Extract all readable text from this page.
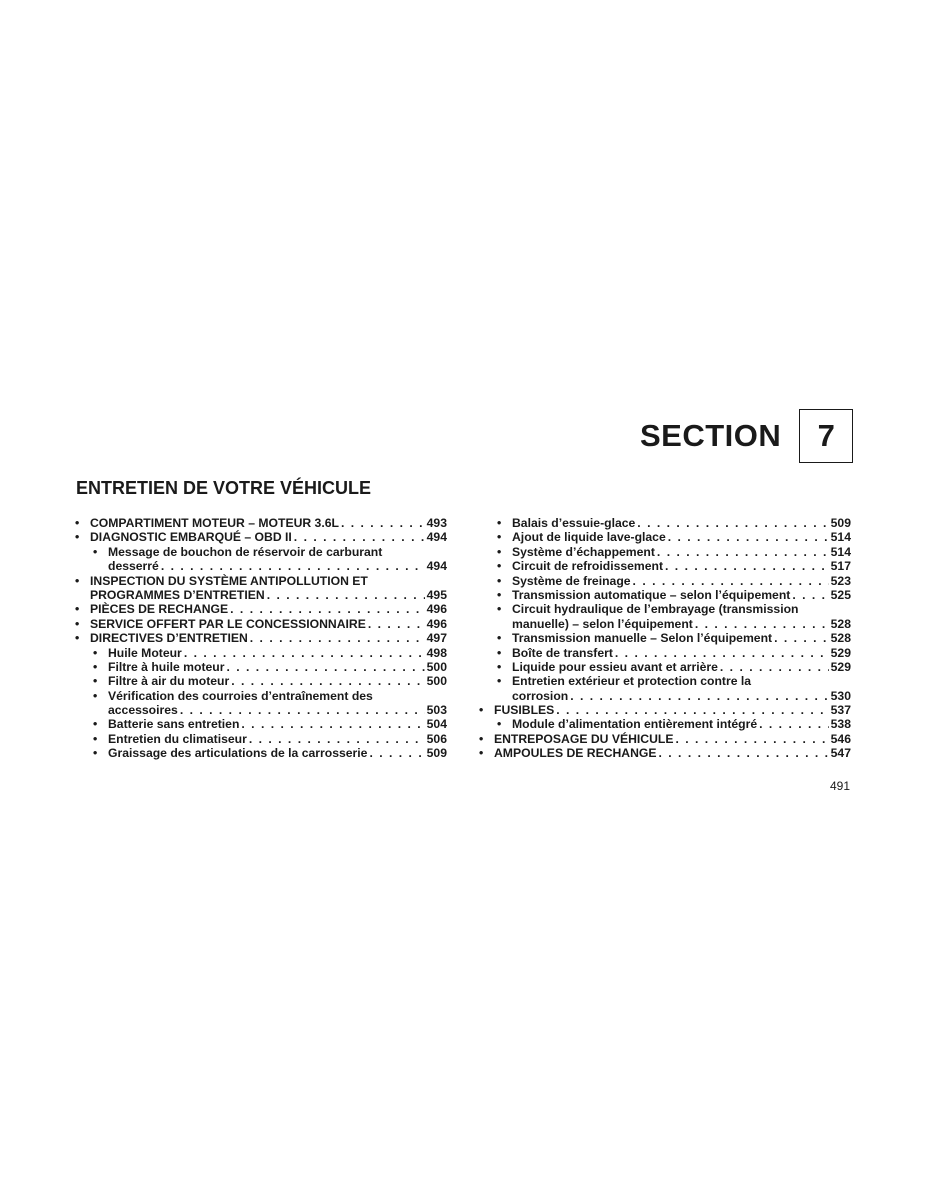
SECTION	7
ENTRETIEN DE VOTRE VÉHICULE
• COMPARTIMENT MOTEUR – MOTEUR 3.6L . . .	493
• DIAGNOSTIC EMBARQUÉ – OBD II . . .	494
• Message de bouchon de réservoir de carburant
desserré . . .	494
• INSPECTION DU SYSTÈME ANTIPOLLUTION ET
PROGRAMMES D’ENTRETIEN . . .	495
• PIÈCES DE RECHANGE . . .	496
• SERVICE OFFERT PAR LE CONCESSIONNAIRE . . .	496
• DIRECTIVES D’ENTRETIEN . . .	497
• Huile Moteur . . .	498
• Filtre à huile moteur . . .	500
• Filtre à air du moteur . . .	500
• Vérification des courroies d’entraînement des
accessoires . . .	503
• Batterie sans entretien . . .	504
• Entretien du climatiseur . . .	506
• Graissage des articulations de la carrosserie . . .	509
• Balais d’essuie-glace . . .	509
• Ajout de liquide lave-glace . . .	514
• Système d’échappement . . .	514
• Circuit de refroidissement . . .	517
• Système de freinage . . .	523
• Transmission automatique – selon l’équipement . . .	525
• Circuit hydraulique de l’embrayage (transmission
manuelle) – selon l’équipement . . .	528
• Transmission manuelle – Selon l’équipement . . .	528
• Boîte de transfert . . .	529
• Liquide pour essieu avant et arrière . . .	529
• Entretien extérieur et protection contre la
corrosion . . .	530
• FUSIBLES . . .	537
• Module d’alimentation entièrement intégré . . .	538
• ENTREPOSAGE DU VÉHICULE . . .	546
• AMPOULES DE RECHANGE . . .	547
491
